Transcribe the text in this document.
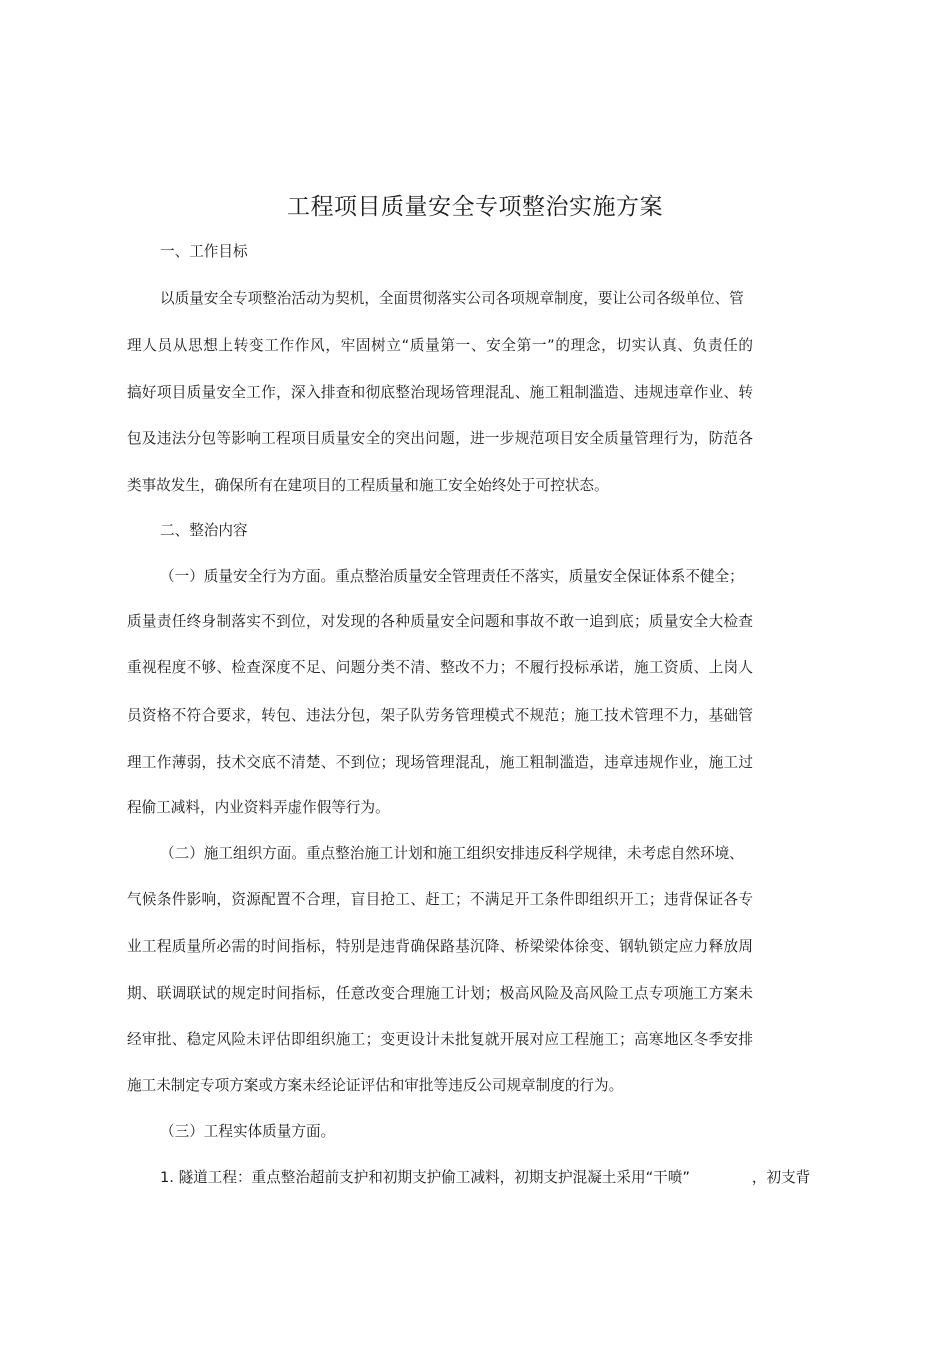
工程项目质量安全专项整治实施方案
一、工作目标
以质量安全专项整治活动为契机，全面贯彻落实公司各项规章制度，要让公司各级单位、管
理人员从思想上转变工作作风，牢固树立“质量第一、安全第一”的理念，切实认真、负责任的
搞好项目质量安全工作，深入排查和彻底整治现场管理混乱、施工粗制滥造、违规违章作业、转
包及违法分包等影响工程项目质量安全的突出问题，进一步规范项目安全质量管理行为，防范各
类事故发生，确保所有在建项目的工程质量和施工安全始终处于可控状态。
二、整治内容
（一）质量安全行为方面。重点整治质量安全管理责任不落实，质量安全保证体系不健全；
质量责任终身制落实不到位，对发现的各种质量安全问题和事故不敢一追到底；质量安全大检查
重视程度不够、检查深度不足、问题分类不清、整改不力；不履行投标承诺，施工资质、上岗人
员资格不符合要求，转包、违法分包，架子队劳务管理模式不规范；施工技术管理不力，基础管
理工作薄弱，技术交底不清楚、不到位；现场管理混乱，施工粗制滥造，违章违规作业，施工过
程偷工减料，内业资料弄虚作假等行为。
（二）施工组织方面。重点整治施工计划和施工组织安排违反科学规律，未考虑自然环境、
气候条件影响，资源配置不合理，盲目抢工、赶工；不满足开工条件即组织开工；违背保证各专
业工程质量所必需的时间指标，特别是违背确保路基沉降、桥梁梁体徐变、钢轨锁定应力释放周
期、联调联试的规定时间指标，任意改变合理施工计划；极高风险及高风险工点专项施工方案未
经审批、稳定风险未评估即组织施工；变更设计未批复就开展对应工程施工；高寒地区冬季安排
施工未制定专项方案或方案未经论证评估和审批等违反公司规章制度的行为。
（三）工程实体质量方面。
1. 隧道工程：重点整治超前支护和初期支护偷工减料，初期支护混凝土采用“干喷”	，初支背
